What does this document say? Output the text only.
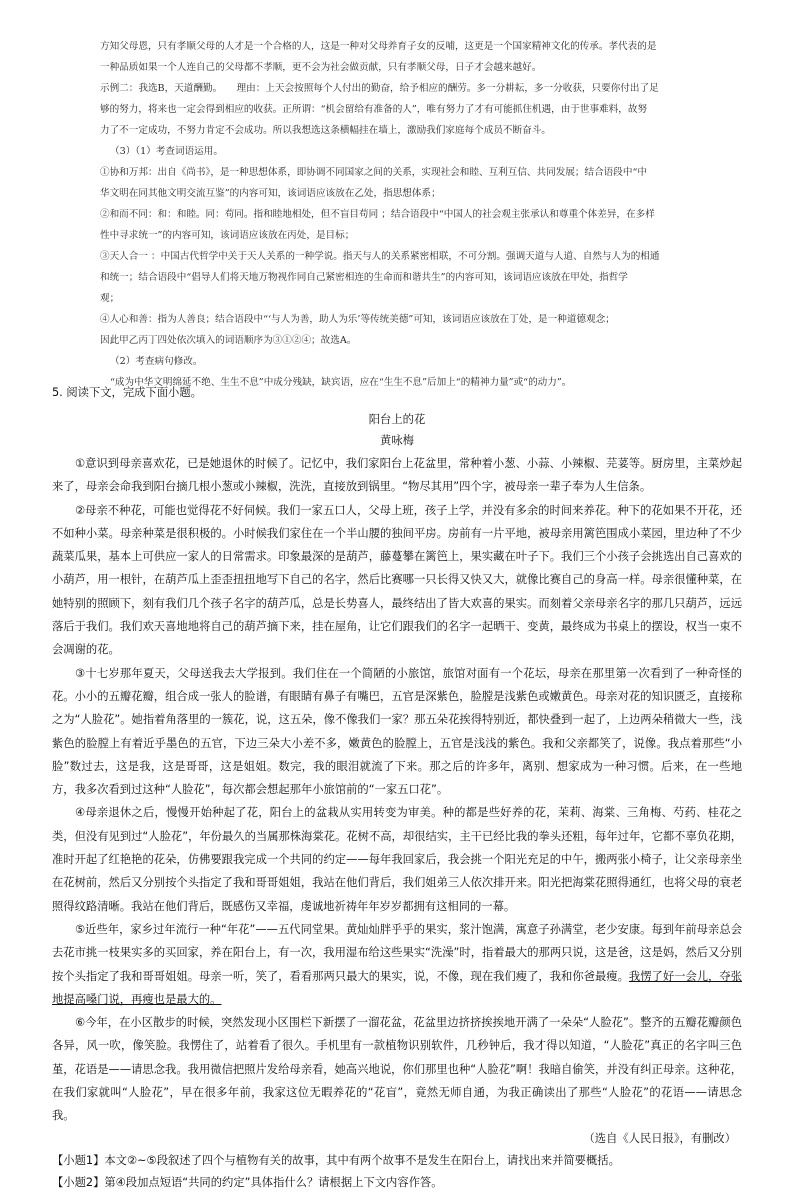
方知父母恩，只有孝顺父母的人才是一个合格的人，这是一种对父母养育子女的反哺，这更是一个国家精神文化的传承。孝代表的是

一种品质如果一个人连自己的父母都不孝顺，更不会为社会做贡献，只有孝顺父母，日子才会越来越好。

示例二：我选B，天道酬勤。　　理由：上天会按照每个人付出的勤奋，给予相应的酬劳。多一分耕耘，多一分收获，只要你付出了足

够的努力，将来也一定会得到相应的收获。正所谓：“机会留给有准备的人”，唯有努力了才有可能抓住机遇，由于世事难料，故努

力了不一定成功，不努力肯定不会成功。所以我想选这条横幅挂在墙上，激励我们家庭每个成员不断奋斗。

（3）（1）考查词语运用。

①协和万邦：出自《尚书》，是一种思想体系，即协调不同国家之间的关系，实现社会和睦、互利互信、共同发展；结合语段中“中

华文明在同其他文明交流互鉴”的内容可知，该词语应该放在乙处，指思想体系；

②和而不同：和：和睦。同：苟同。指和睦地相处，但不盲目苟同 ；结合语段中“中国人的社会观主张承认和尊重个体差异，在多样

性中寻求统一”的内容可知，该词语应该放在丙处，是目标；

③天人合一 ：中国古代哲学中关于天人关系的一种学说。指天与人的关系紧密相联，不可分割。强调天道与人道、自然与人为的相通

和统一；结合语段中“倡导人们将天地万物视作同自己紧密相连的生命而和谐共生”的内容可知，该词语应该放在甲处，指哲学

观；

④人心和善：指为人善良；结合语段中“‘与人为善，助人为乐’等传统美德”可知，该词语应该放在丁处，是一种道德观念；

因此甲乙丙丁四处依次填入的词语顺序为③①②④；故选A。

（2）考查病句修改。

“成为中华文明绵延不绝、生生不息”中成分残缺，缺宾语，应在“生生不息”后加上“的精神力量”或“的动力”。

5. 阅读下文，完成下面小题。

阳台上的花

黄咏梅

①意识到母亲喜欢花，已是她退休的时候了。记忆中，我们家阳台上花盆里，常种着小葱、小蒜、小辣椒、芫荽等。厨房里，主菜炒起来了，母亲会命我到阳台摘几根小葱或小辣椒，洗洗，直接放到锅里。“物尽其用”四个字，被母亲一辈子奉为人生信条。

②母亲不种花，可能也觉得花不好伺候。我们一家五口人，父母上班，孩子上学，并没有多余的时间来养花。种下的花如果不开花，还不如种小菜。母亲种菜是很积极的。小时候我们家住在一个半山腰的独间平房。房前有一片平地，被母亲用篱笆围成小菜园，里边种了不少蔬菜瓜果，基本上可供应一家人的日常需求。印象最深的是葫芦，藤蔓攀在篱笆上，果实藏在叶子下。我们三个小孩子会挑选出自己喜欢的小葫芦，用一根针，在葫芦瓜上歪歪扭扭地写下自己的名字，然后比赛哪一只长得又快又大，就像比赛自己的身高一样。母亲很懂种菜，在她特别的照顾下，刻有我们几个孩子名字的葫芦瓜，总是长势喜人，最终结出了皆大欢喜的果实。而刻着父亲母亲名字的那几只葫芦，远远落后于我们。我们欢天喜地地将自己的葫芦摘下来，挂在屋角，让它们跟我们的名字一起晒干、变黄，最终成为书桌上的摆设，权当一束不会凋谢的花。

③十七岁那年夏天，父母送我去大学报到。我们住在一个简陋的小旅馆，旅馆对面有一个花坛，母亲在那里第一次看到了一种奇怪的花。小小的五瓣花瓣，组合成一张人的脸谱，有眼睛有鼻子有嘴巴，五官是深紫色，脸膛是浅紫色或嫩黄色。母亲对花的知识匮乏，直接称之为“人脸花”。她指着角落里的一簇花，说，这五朵，像不像我们一家？那五朵花挨得特别近，都快叠到一起了，上边两朵稍微大一些，浅紫色的脸膛上有着近乎墨色的五官，下边三朵大小差不多，嫩黄色的脸膛上，五官是浅浅的紫色。我和父亲都笑了，说像。我点着那些“小脸”数过去，这是我，这是哥哥，这是姐姐。数完，我的眼泪就流了下来。那之后的许多年，离别、想家成为一种习惯。后来，在一些地方，我多次看到过这种“人脸花”，每次都会想起那年小旅馆前的“一家五口花”。

④母亲退休之后，慢慢开始种起了花，阳台上的盆栽从实用转变为审美。种的都是些好养的花，茉莉、海棠、三角梅、芍药、桂花之类，但没有见到过“人脸花”，年份最久的当属那株海棠花。花树不高，却很结实，主干已经比我的拳头还粗，每年过年，它都不辜负花期，准时开起了红艳艳的花朵，仿佛要跟我完成一个共同的约定——每年我回家后，我会挑一个阳光充足的中午，搬两张小椅子，让父亲母亲坐在花树前，然后又分别按个头指定了我和哥哥姐姐，我站在他们背后，我们姐弟三人依次排开来。阳光把海棠花照得通红，也将父母的衰老照得纹路清晰。我站在他们背后，既感伤又幸福，虔诚地祈祷年年岁岁都拥有这相同的一幕。

⑤近些年，家乡过年流行一种“年花”——五代同堂果。黄灿灿胖乎乎的果实，浆汁饱满，寓意子孙满堂，老少安康。每到年前母亲总会去花市挑一枝果实多的买回家，养在阳台上，有一次，我用湿布给这些果实“洗澡”时，指着最大的那两只说，这是爸，这是妈，然后又分别按个头指定了我和哥哥姐姐。母亲一听，笑了，看看那两只最大的果实，说，不像，现在我们瘦了，我和你爸最瘦。我愣了好一会儿，夺张地提高嗓门说，再瘦也是最大的。

⑥今年，在小区散步的时候，突然发现小区围栏下新摆了一溜花盆，花盆里边挤挤挨挨地开满了一朵朵“人脸花”。整齐的五瓣花瓣颜色各异，风一吹，像笑脸。我愣住了，站着看了很久。手机里有一款植物识别软件，几秒钟后，我才得以知道，“人脸花”真正的名字叫三色堇，花语是——请思念我。我用微信把照片发给母亲看，她高兴地说，你们那里也种“人脸花”啊！我暗自偷笑，并没有纠正母亲。这种花，在我们家就叫“人脸花”，早在很多年前，我家这位无暇养花的“花盲”，竟然无师自通，为我正确读出了那些“人脸花”的花语——请思念我。

（选自《人民日报》，有删改）

【小题1】本文②~⑤段叙述了四个与植物有关的故事，其中有两个故事不是发生在阳台上，请找出来并简要概括。

【小题2】第④段加点短语“共同的约定”具体指什么？请根据上下文内容作答。
